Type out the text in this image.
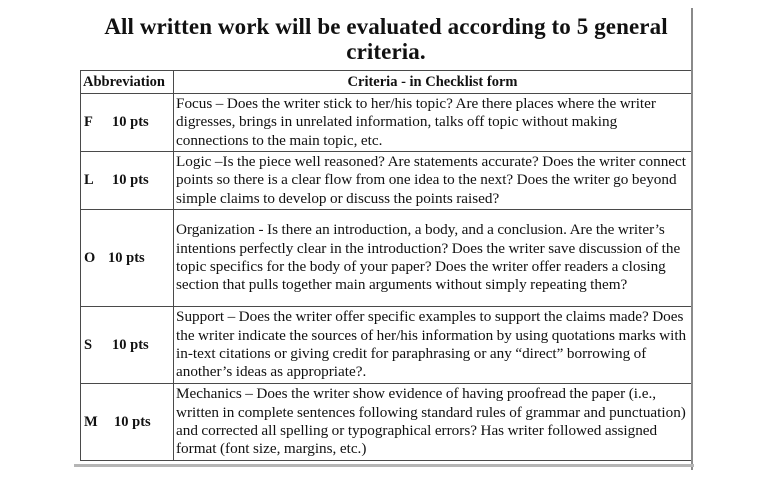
All written work will be evaluated according to 5 general
criteria.
Abbreviation	Criteria - in Checklist form
F 10 pts	Focus – Does the writer stick to her/his topic? Are there places where the writer digresses, brings in unrelated information, talks off topic without making connections to the main topic, etc.
L 10 pts	Logic –Is the piece well reasoned? Are statements accurate? Does the writer connect points so there is a clear flow from one idea to the next? Does the writer go beyond simple claims to develop or discuss the points raised?
O 10 pts	Organization - Is there an introduction, a body, and a conclusion. Are the writer’s intentions perfectly clear in the introduction? Does the writer save discussion of the topic specifics for the body of your paper? Does the writer offer readers a closing section that pulls together main arguments without simply repeating them?
S 10 pts	Support – Does the writer offer specific examples to support the claims made? Does the writer indicate the sources of her/his information by using quotations marks with in-text citations or giving credit for paraphrasing or any “direct” borrowing of another’s ideas as appropriate?.
M 10 pts	Mechanics – Does the writer show evidence of having proofread the paper (i.e., written in complete sentences following standard rules of grammar and punctuation) and corrected all spelling or typographical errors? Has writer followed assigned format (font size, margins, etc.)
